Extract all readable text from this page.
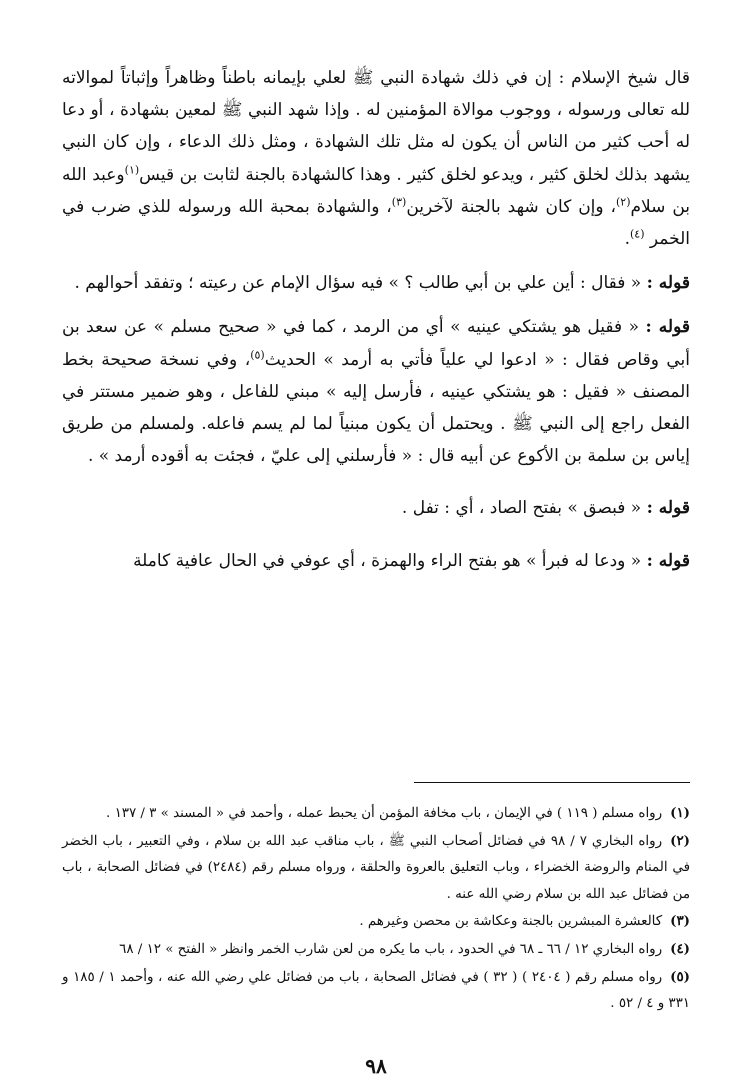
قال شيخ الإسلام : إن في ذلك شهادة النبي ﷺ لعلي بإيمانه باطناً وظاهراً وإثباتاً لموالاته لله تعالى ورسوله ، ووجوب موالاة المؤمنين له . وإذا شهد النبي ﷺ لمعين بشهادة ، أو دعا له أحب كثير من الناس أن يكون له مثل تلك الشهادة ، ومثل ذلك الدعاء ، وإن كان النبي يشهد بذلك لخلق كثير ، ويدعو لخلق كثير . وهذا كالشهادة بالجنة لثابت بن قيس$^{(١)}$وعبد الله بن سلام$^{(٢)}$، وإن كان شهد بالجنة لآخرين$^{(٣)}$، والشهادة بمحبة الله ورسوله للذي ضرب في الخمر $^{(٤)}$.

قوله : « فقال : أين علي بن أبي طالب ؟ » فيه سؤال الإمام عن رعيته ؛ وتفقد أحوالهم .

قوله : « فقيل هو يشتكي عينيه » أي من الرمد ، كما في « صحيح مسلم » عن سعد بن أبي وقاص فقال : « ادعوا لي علياً فأتي به أرمد » الحديث$^{(٥)}$، وفي نسخة صحيحة بخط المصنف « فقيل : هو يشتكي عينيه ، فأرسل إليه » مبني للفاعل ، وهو ضمير مستتر في الفعل راجع إلى النبي ﷺ . ويحتمل أن يكون مبنياً لما لم يسم فاعله. ولمسلم من طريق إياس بن سلمة بن الأكوع عن أبيه قال : « فأرسلني إلى عليّ ، فجئت به أقوده أرمد » .

قوله : « فبصق » بفتح الصاد ، أي : تفل .

قوله : « ودعا له فبرأ » هو بفتح الراء والهمزة ، أي عوفي في الحال عافية كاملة

(١)رواه مسلم ( ١١٩ ) في الإيمان ، باب مخافة المؤمن أن يحبط عمله ، وأحمد في « المسند » ٣ / ١٣٧ .

(٢)رواه البخاري ٧ / ٩٨ في فضائل أصحاب النبي ﷺ ، باب مناقب عبد الله بن سلام ، وفي التعبير ، باب الخضر في المنام والروضة الخضراء ، وباب التعليق بالعروة والحلقة ، ورواه مسلم رقم (٢٤٨٤) في فضائل الصحابة ، باب من فضائل عبد الله بن سلام رضي الله عنه .

(٣)كالعشرة المبشرين بالجنة وعكاشة بن محصن وغيرهم .

(٤)رواه البخاري ١٢ / ٦٦ ـ ٦٨ في الحدود ، باب ما يكره من لعن شارب الخمر وانظر « الفتح » ١٢ / ٦٨

(٥)رواه مسلم رقم ( ٢٤٠٤ ) ( ٣٢ ) في فضائل الصحابة ، باب من فضائل علي رضي الله عنه ، وأحمد ١ / ١٨٥ و ٣٣١ و ٤ / ٥٢ .

٩٨
